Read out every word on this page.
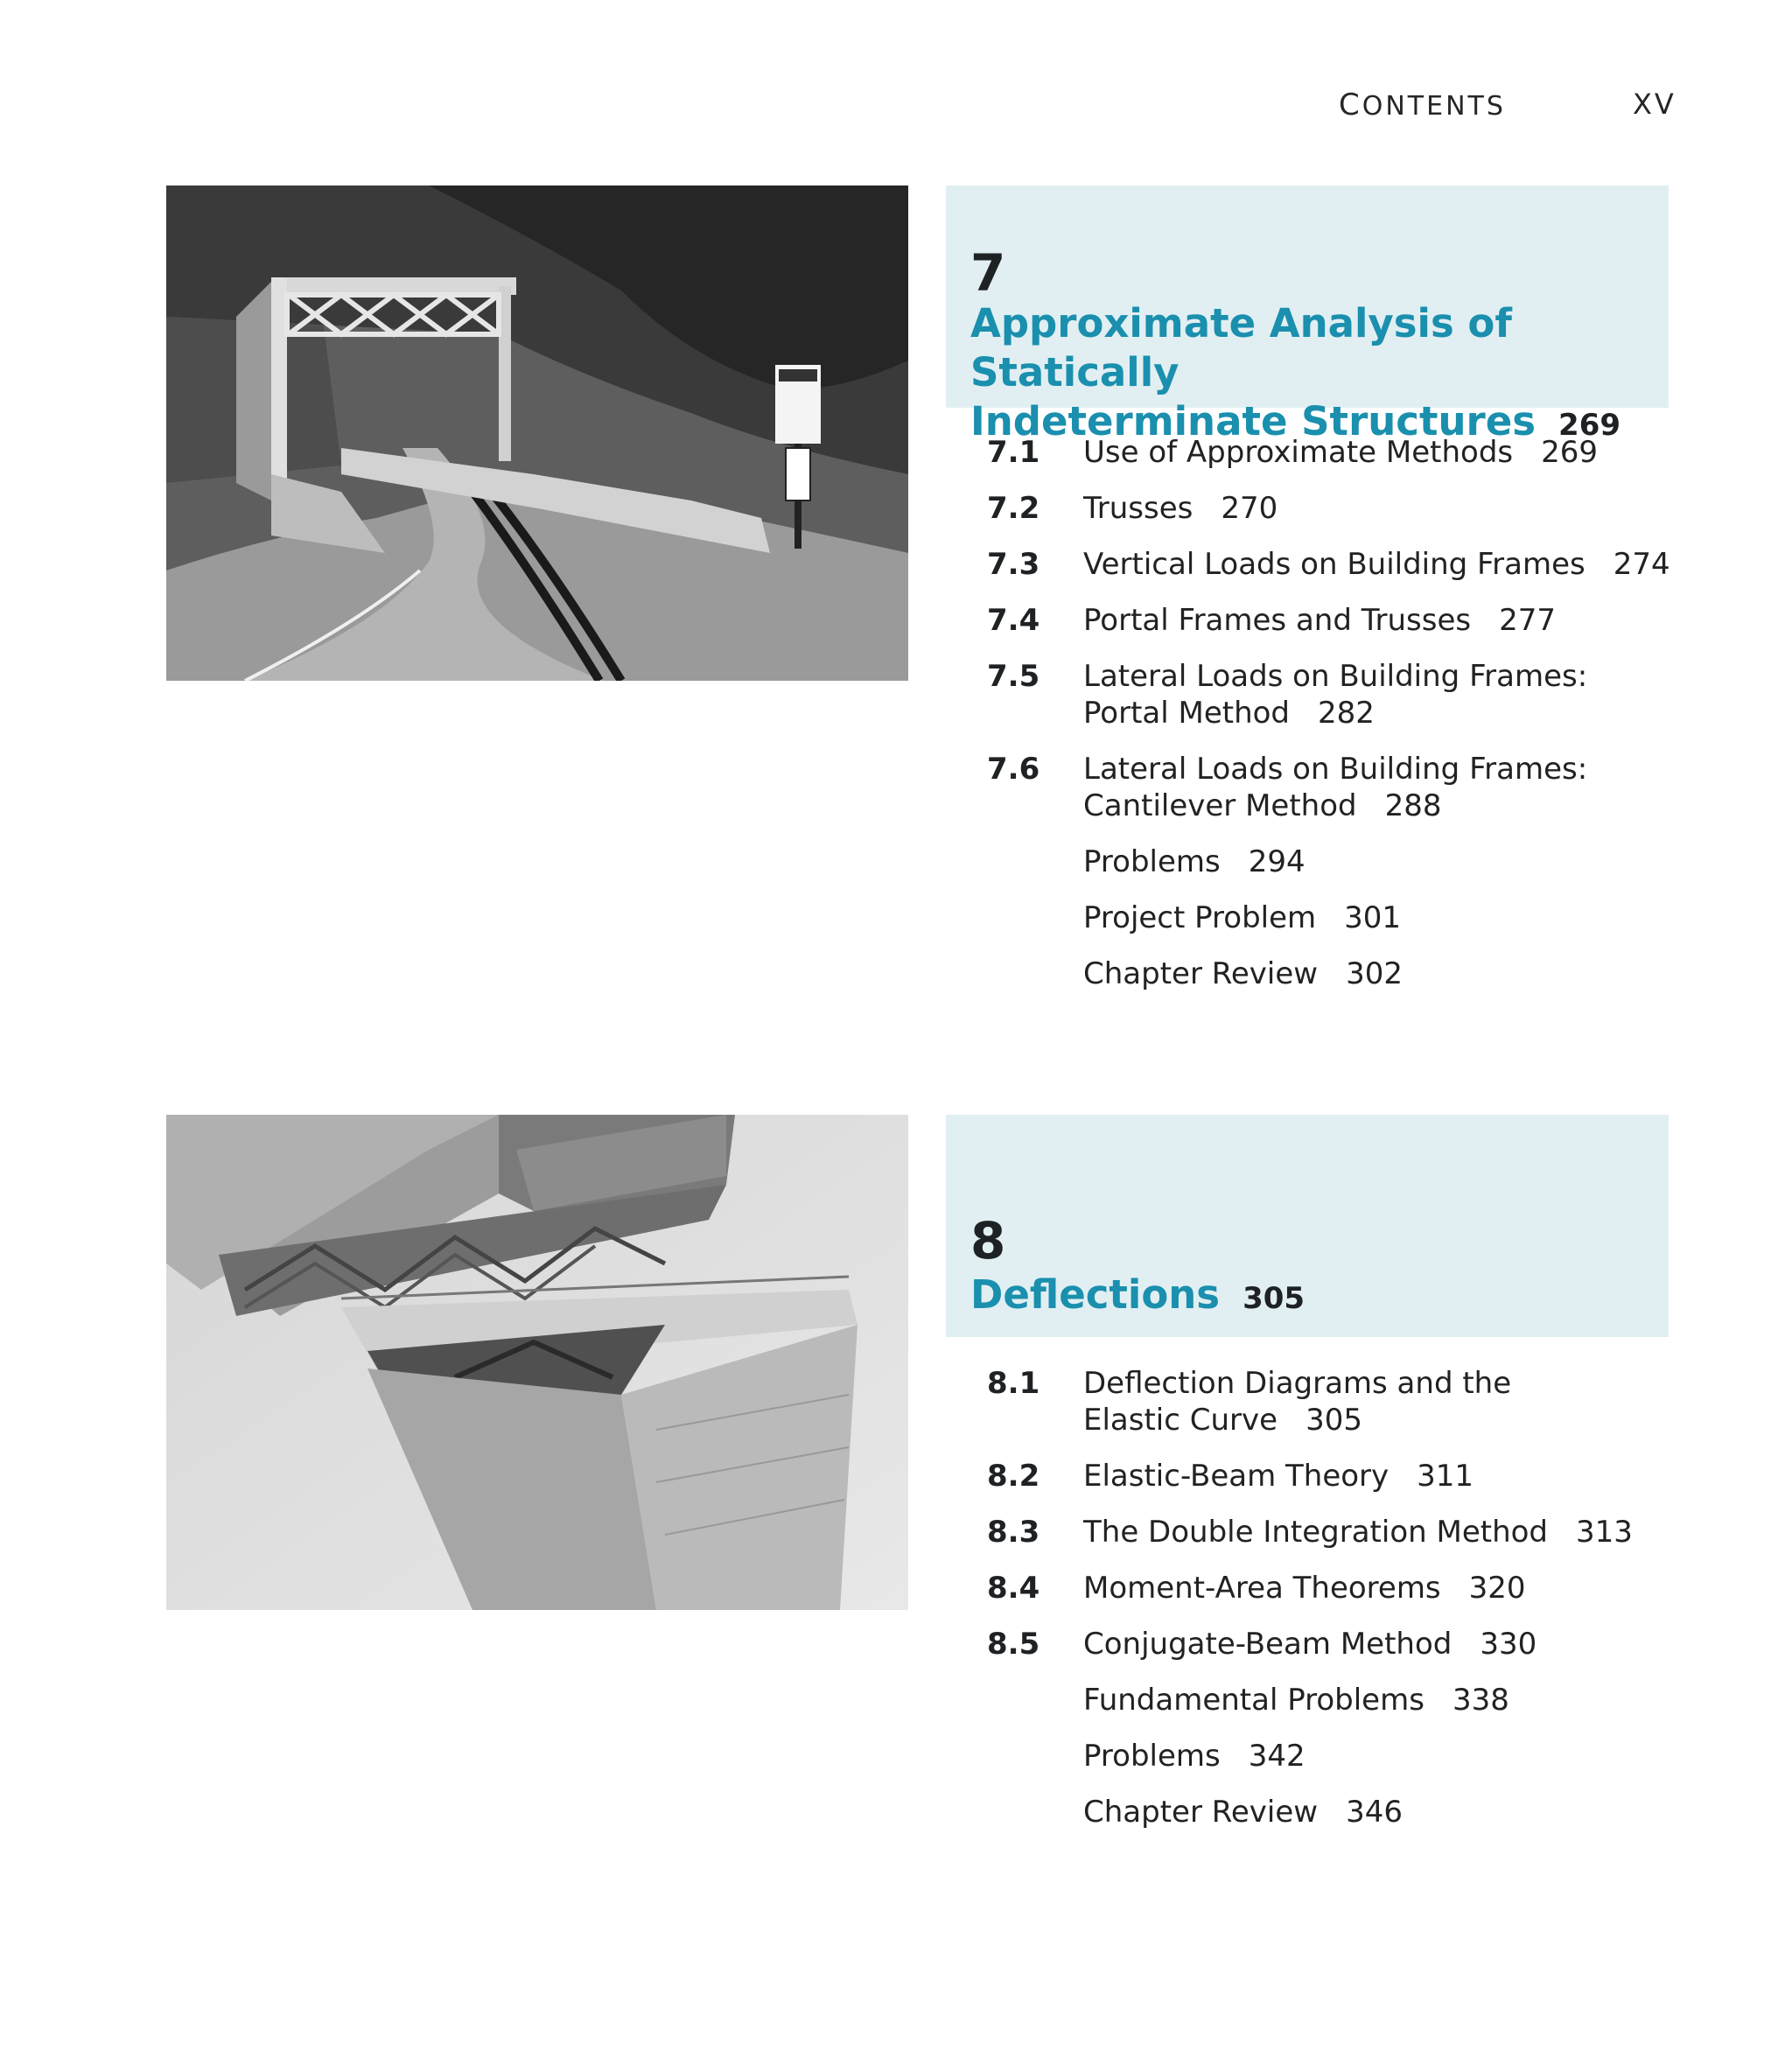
CONTENTS	XV
7
Approximate Analysis of Statically
Indeterminate Structures 269
7.1	Use of Approximate Methods 269
7.2	Trusses 270
7.3	Vertical Loads on Building Frames 274
7.4	Portal Frames and Trusses 277
7.5	Lateral Loads on Building Frames:
Portal Method 282
7.6	Lateral Loads on Building Frames:
Cantilever Method 288
Problems 294
Project Problem 301
Chapter Review 302
8
Deflections 305
8.1	Deflection Diagrams and the
Elastic Curve 305
8.2	Elastic-Beam Theory 311
8.3	The Double Integration Method 313
8.4	Moment-Area Theorems 320
8.5	Conjugate-Beam Method 330
Fundamental Problems 338
Problems 342
Chapter Review 346
